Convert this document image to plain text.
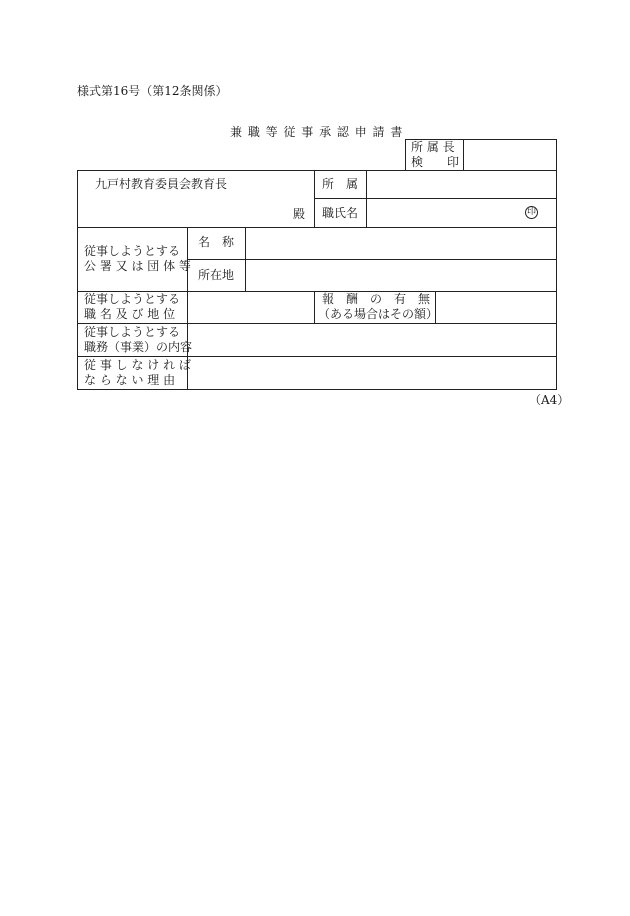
様式第16号（第12条関係）
兼 職 等 従 事 承 認 申 請 書
所 属 長
検　　印
九戸村教育委員会教育長
殿
所　属
職氏名	印
従事しようとする
公 署 又 は 団 体 等
名　称
所在地
従事しようとする
職 名 及 び 地 位
報　酬　の　有　無
（ある場合はその額）
従事しようとする
職務（事業）の内容
従 事 し な け れ ば
な ら な い 理 由
（A4）
